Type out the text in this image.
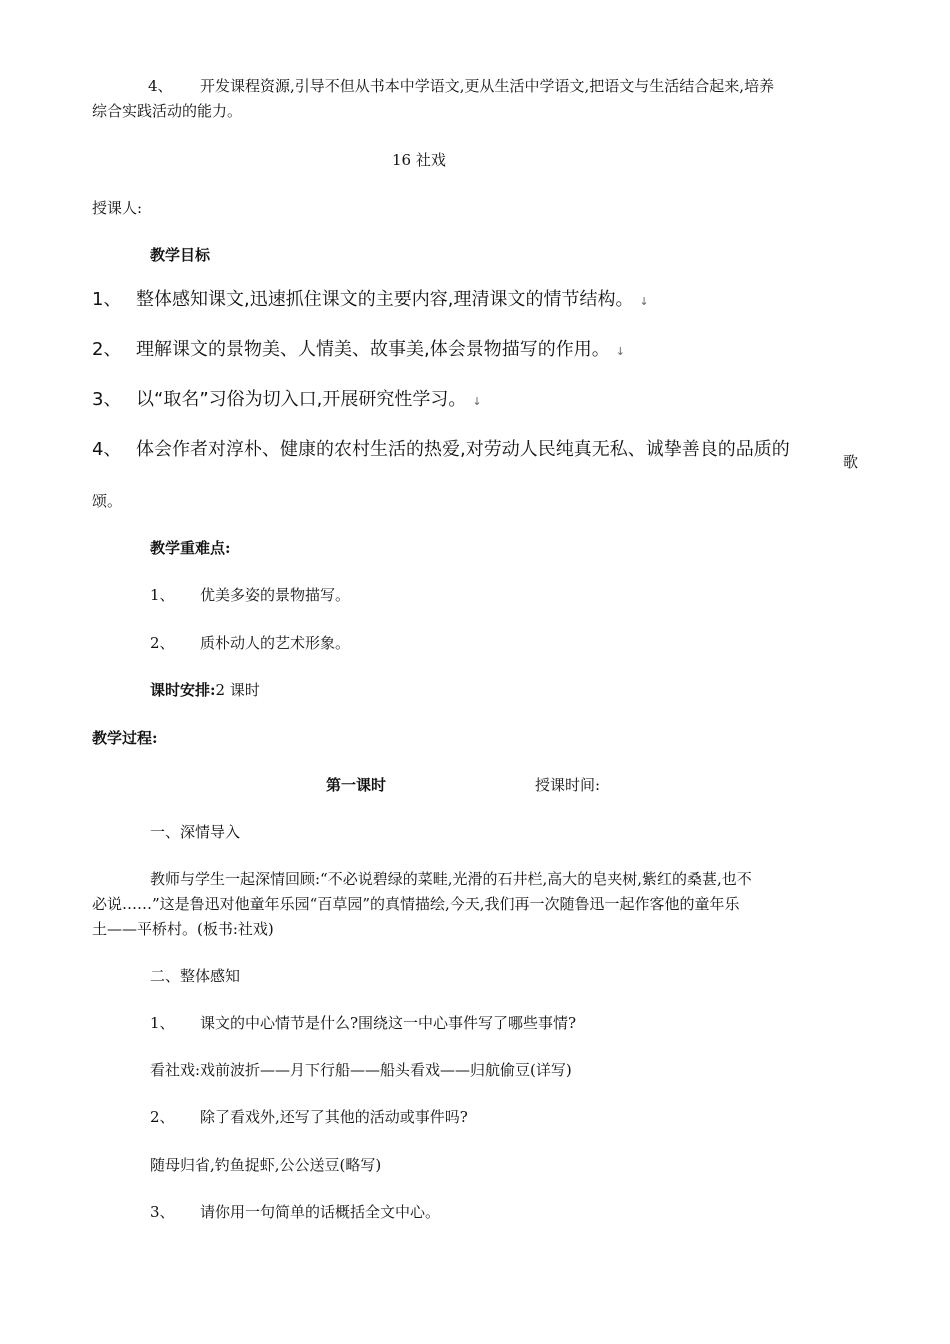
4、 开发课程资源,引导不但从书本中学语文,更从生活中学语文,把语文与生活结合起来,培养
综合实践活动的能力。
16 社戏
授课人:
教学目标
1、 整体感知课文,迅速抓住课文的主要内容,理清课文的情节结构。 ↓
2、 理解课文的景物美、人情美、故事美,体会景物描写的作用。 ↓
3、 以“取名”习俗为切入口,开展研究性学习。 ↓
4、 体会作者对淳朴、健康的农村生活的热爱,对劳动人民纯真无私、诚挚善良的品质的
歌
颂。
教学重难点:
1、 优美多姿的景物描写。
2、 质朴动人的艺术形象。
课时安排:2 课时
教学过程:
第一课时	授课时间:
一、深情导入
教师与学生一起深情回顾:“不必说碧绿的菜畦,光滑的石井栏,高大的皂夹树,紫红的桑葚,也不
必说……”这是鲁迅对他童年乐园“百草园”的真情描绘,今天,我们再一次随鲁迅一起作客他的童年乐
土——平桥村。(板书:社戏)
二、整体感知
1、 课文的中心情节是什么?围绕这一中心事件写了哪些事情?
看社戏:戏前波折——月下行船——船头看戏——归航偷豆(详写)
2、 除了看戏外,还写了其他的活动或事件吗?
随母归省,钓鱼捉虾,公公送豆(略写)
3、 请你用一句简单的话概括全文中心。
